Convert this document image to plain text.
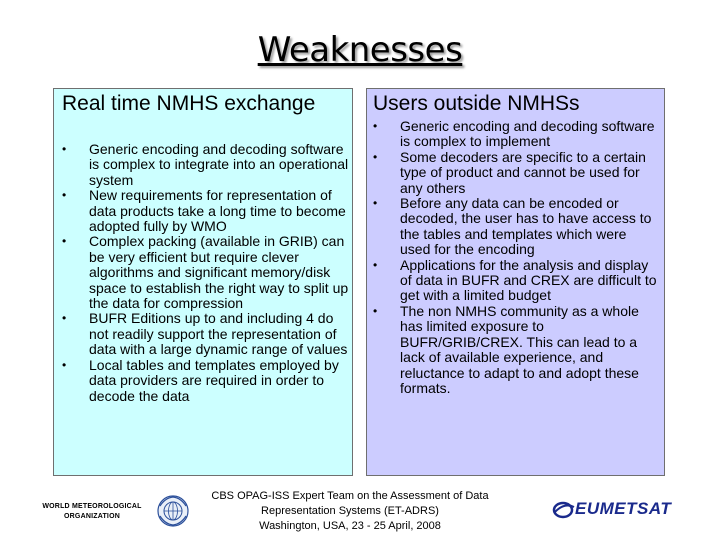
Weaknesses
Real time NMHS exchange
• Generic encoding and decoding software is complex to integrate into an operational system
• New requirements for representation of data products take a long time to become adopted fully by WMO
• Complex packing (available in GRIB) can be very efficient but require clever algorithms and significant memory/disk space to establish the right way to split up the data for compression
• BUFR Editions up to and including 4 do not readily support the representation of data with a large dynamic range of values
• Local tables and templates employed by data providers are required in order to decode the data
Users outside NMHSs
• Generic encoding and decoding software is complex to implement
• Some decoders are specific to a certain type of product and cannot be used for any others
• Before any data can be encoded or decoded, the user has to have access to the tables and templates which were used for the encoding
• Applications for the analysis and display of data in BUFR and CREX are difficult to get with a limited budget
• The non NMHS community as a whole has limited exposure to BUFR/GRIB/CREX. This can lead to a lack of available experience, and reluctance to adapt to and adopt these formats.
WORLD METEOROLOGICAL
ORGANIZATION
CBS OPAG-ISS Expert Team on the Assessment of Data
Representation Systems (ET-ADRS)
Washington, USA, 23 - 25 April, 2008
EUMETSAT
